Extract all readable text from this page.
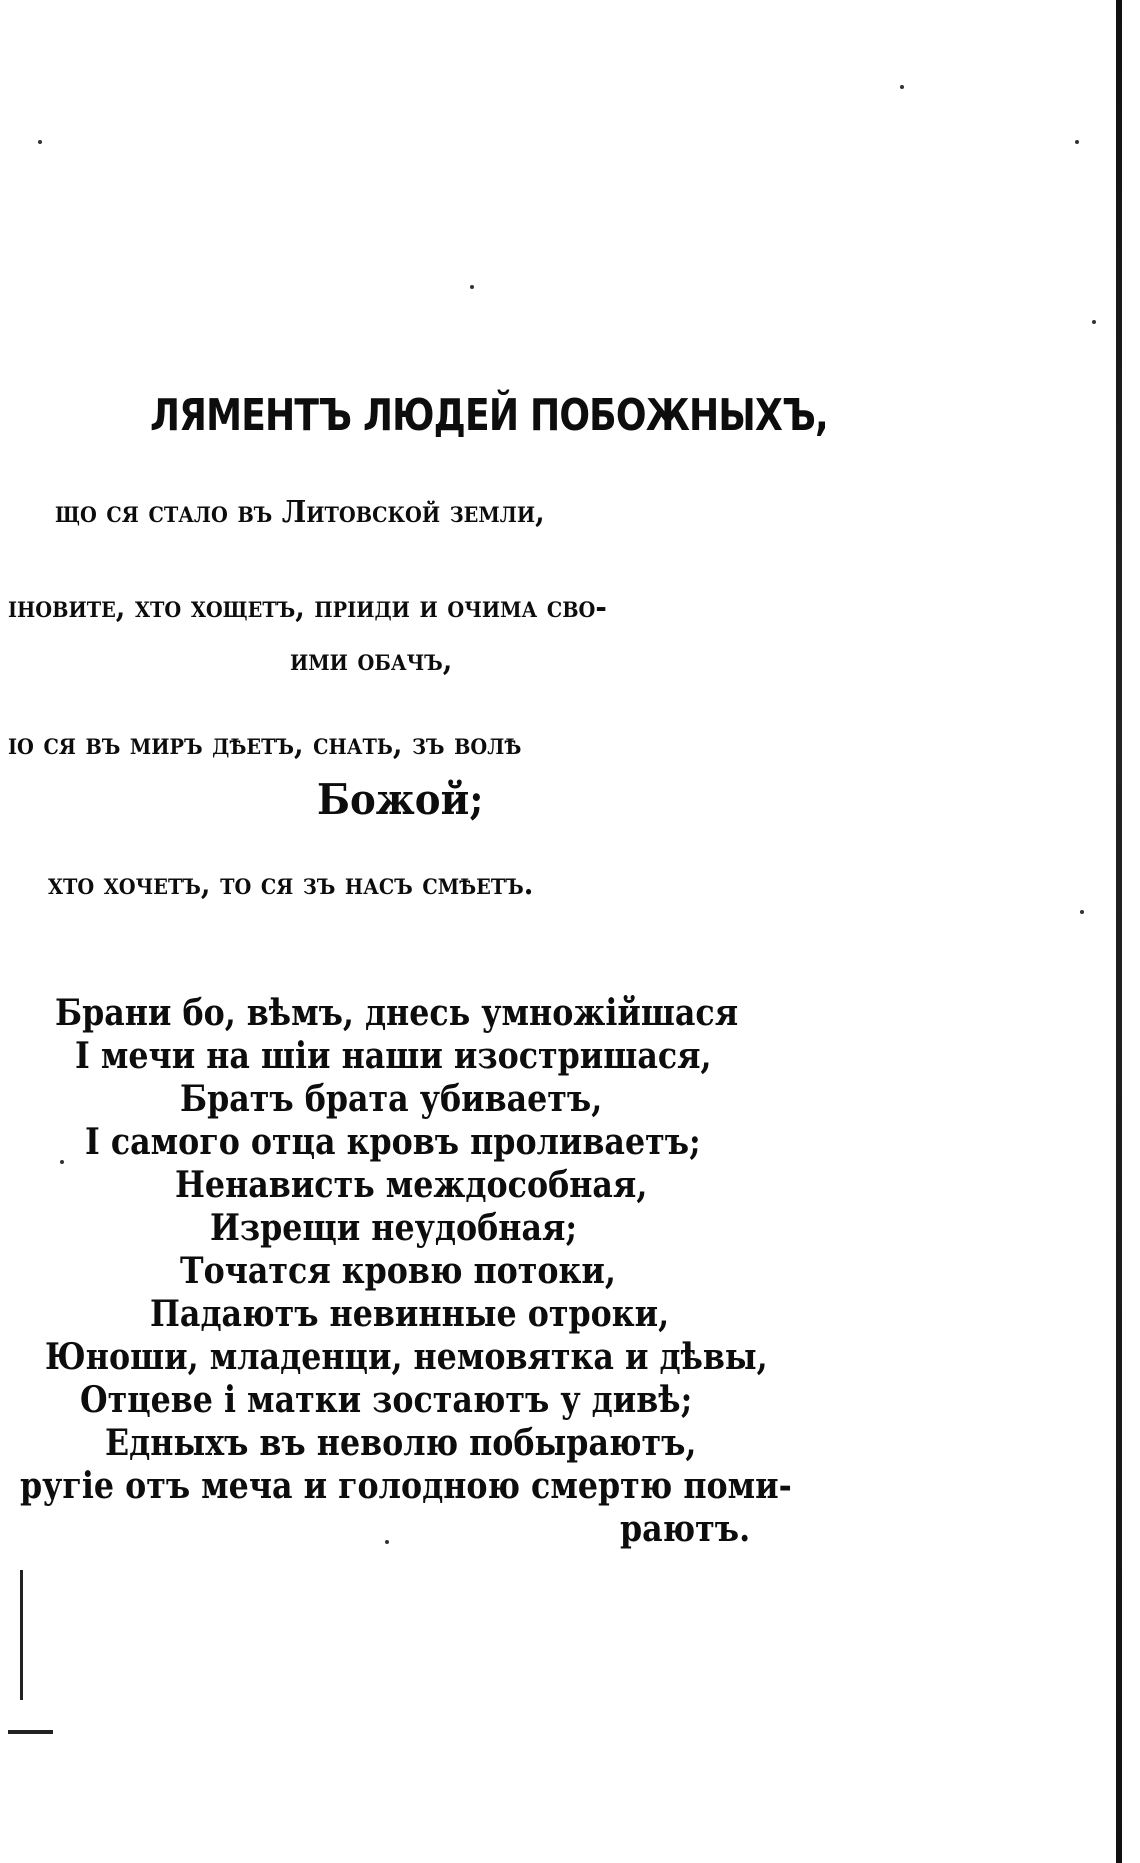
ЛЯМЕНТЪ ЛЮДЕЙ ПОБОЖНЫХЪ,
що ся стало въ Литовской земли,
іновите, хто хощетъ, пріиди и очима сво-
ими обачъ,
іо ся въ миръ дѣетъ, снать, зъ волѣ
Божой;
хто хочетъ, то ся зъ насъ смѣетъ.
Брани бо, вѣмъ, днесь умножійшася
І мечи на шіи наши изостришася,
Братъ брата убиваетъ,
І самого отца кровъ проливаетъ;
Ненависть междособная,
Изрещи неудобная;
Точатся кровю потоки,
Падаютъ невинные отроки,
Юноши, младенци, немовятка и дѣвы,
Отцеве і матки зостаютъ у дивѣ;
Едныхъ въ неволю побыраютъ,
ругіе отъ меча и голодною смертю поми-
раютъ.
